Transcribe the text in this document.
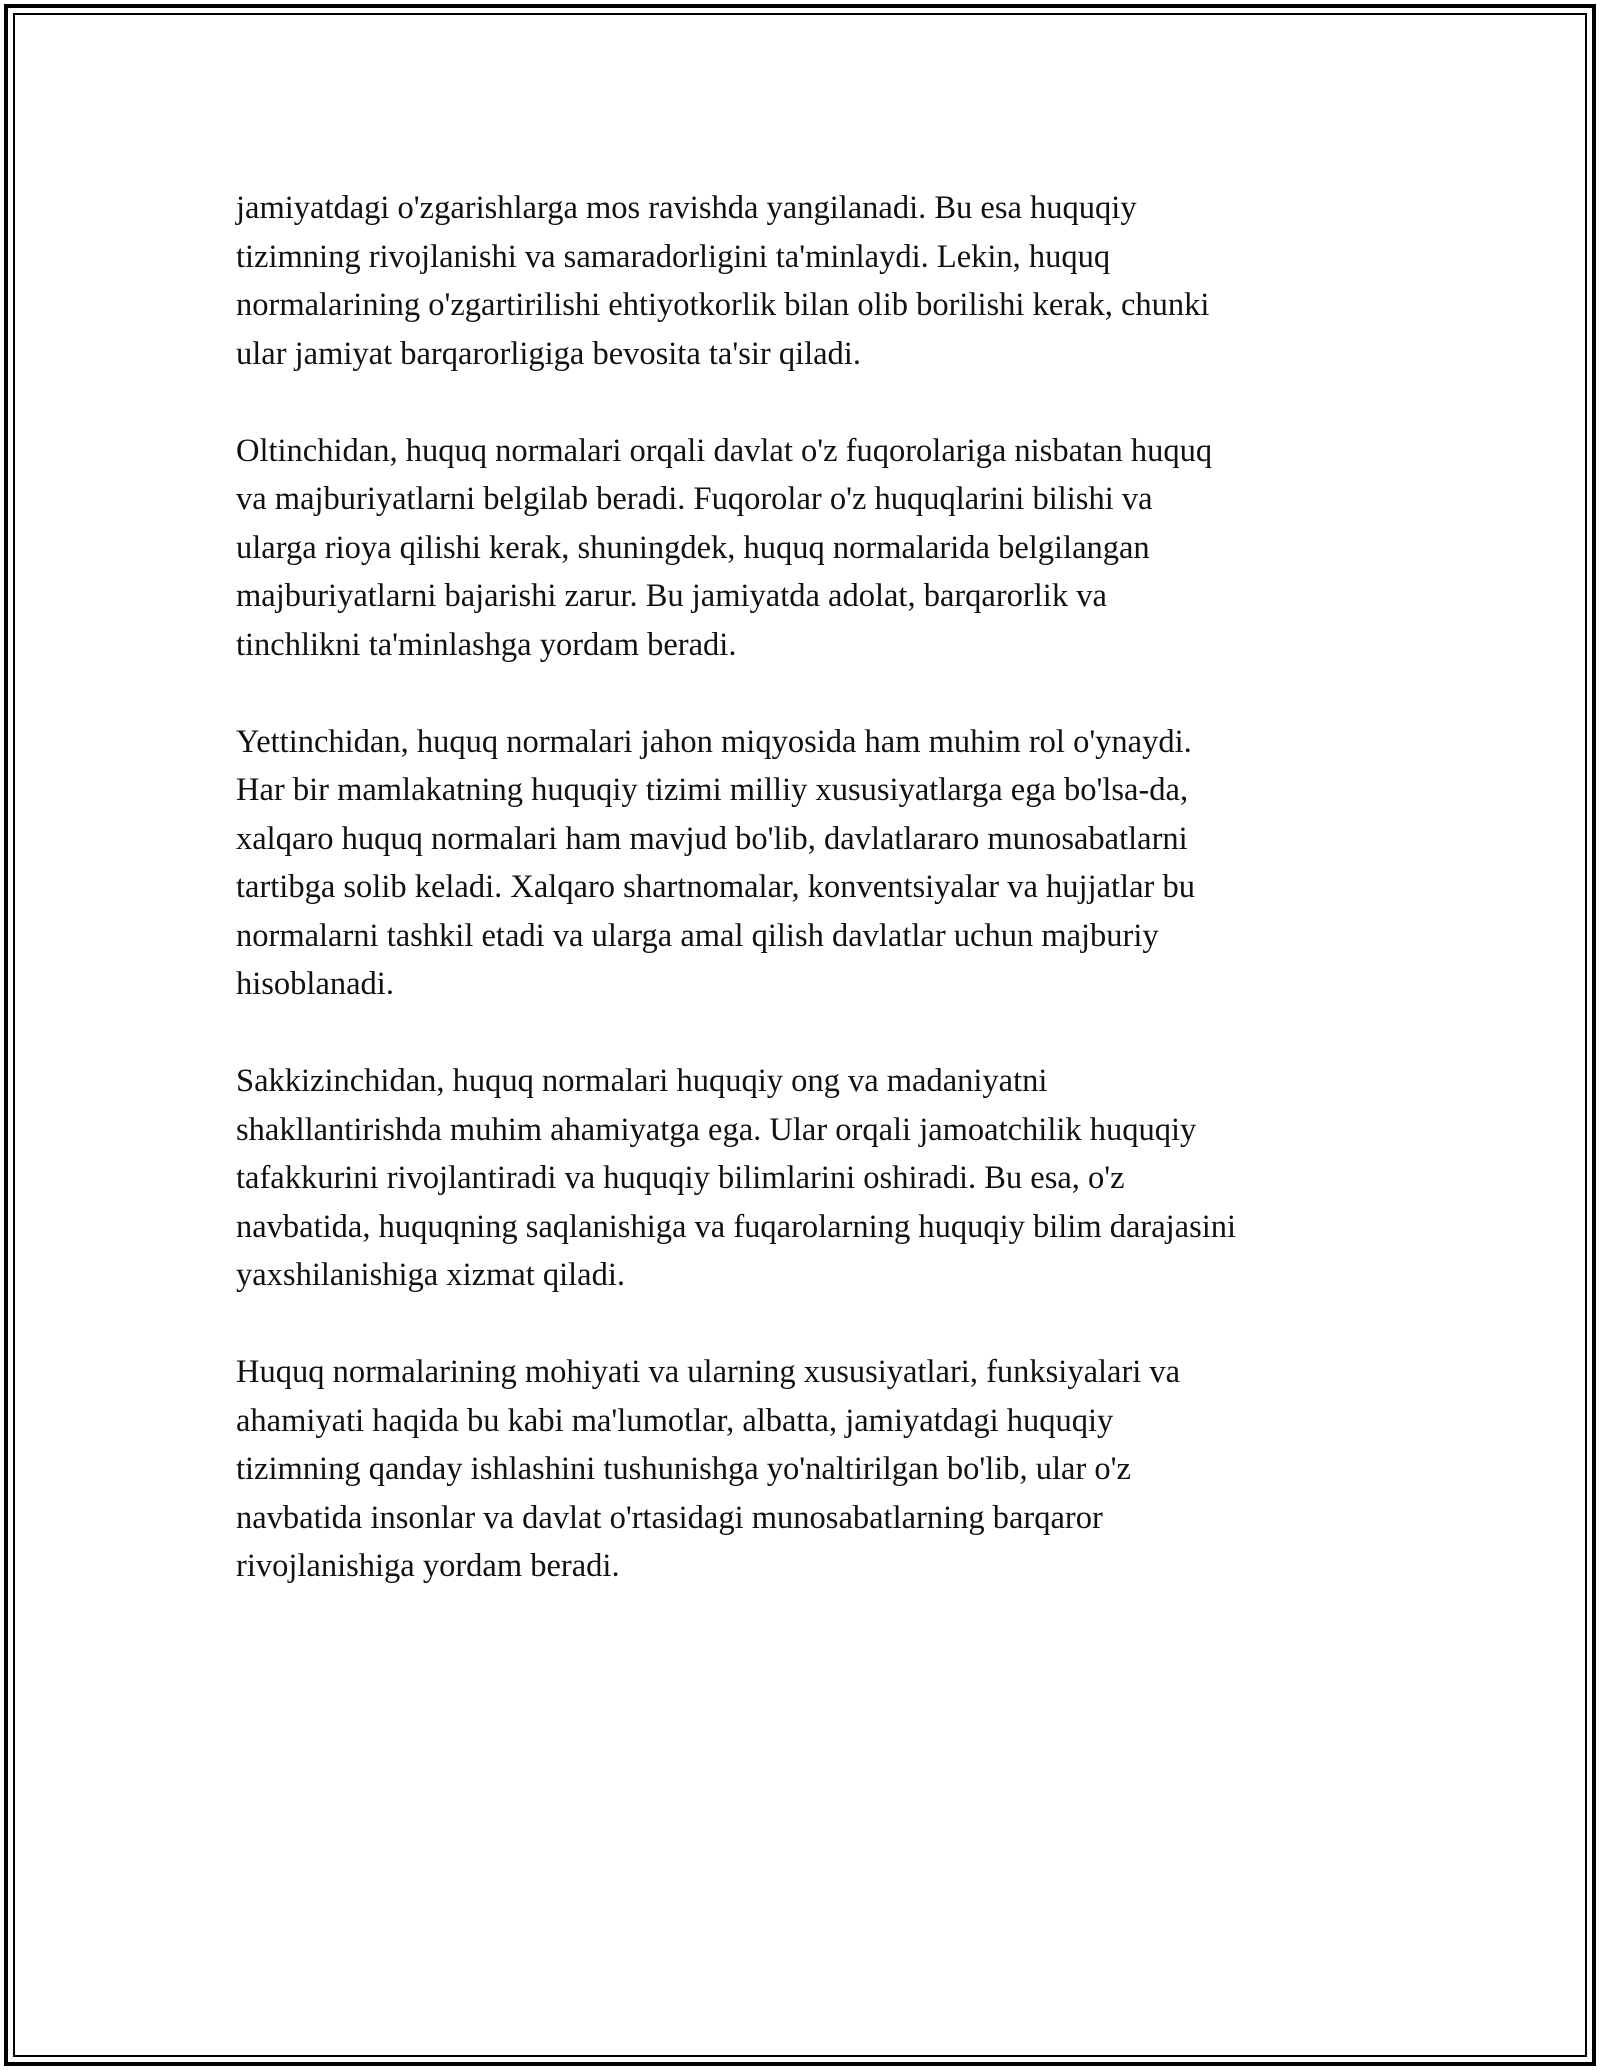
jamiyatdagi o'zgarishlarga mos ravishda yangilanadi. Bu esa huquqiy
tizimning rivojlanishi va samaradorligini ta'minlaydi. Lekin, huquq
normalarining o'zgartirilishi ehtiyotkorlik bilan olib borilishi kerak, chunki
ular jamiyat barqarorligiga bevosita ta'sir qiladi.

Oltinchidan, huquq normalari orqali davlat o'z fuqorolariga nisbatan huquq
va majburiyatlarni belgilab beradi. Fuqorolar o'z huquqlarini bilishi va
ularga rioya qilishi kerak, shuningdek, huquq normalarida belgilangan
majburiyatlarni bajarishi zarur. Bu jamiyatda adolat, barqarorlik va
tinchlikni ta'minlashga yordam beradi.

Yettinchidan, huquq normalari jahon miqyosida ham muhim rol o'ynaydi.
Har bir mamlakatning huquqiy tizimi milliy xususiyatlarga ega bo'lsa-da,
xalqaro huquq normalari ham mavjud bo'lib, davlatlararo munosabatlarni
tartibga solib keladi. Xalqaro shartnomalar, konventsiyalar va hujjatlar bu
normalarni tashkil etadi va ularga amal qilish davlatlar uchun majburiy
hisoblanadi.

Sakkizinchidan, huquq normalari huquqiy ong va madaniyatni
shakllantirishda muhim ahamiyatga ega. Ular orqali jamoatchilik huquqiy
tafakkurini rivojlantiradi va huquqiy bilimlarini oshiradi. Bu esa, o'z
navbatida, huquqning saqlanishiga va fuqarolarning huquqiy bilim darajasini
yaxshilanishiga xizmat qiladi.

Huquq normalarining mohiyati va ularning xususiyatlari, funksiyalari va
ahamiyati haqida bu kabi ma'lumotlar, albatta, jamiyatdagi huquqiy
tizimning qanday ishlashini tushunishga yo'naltirilgan bo'lib, ular o'z
navbatida insonlar va davlat o'rtasidagi munosabatlarning barqaror
rivojlanishiga yordam beradi.
